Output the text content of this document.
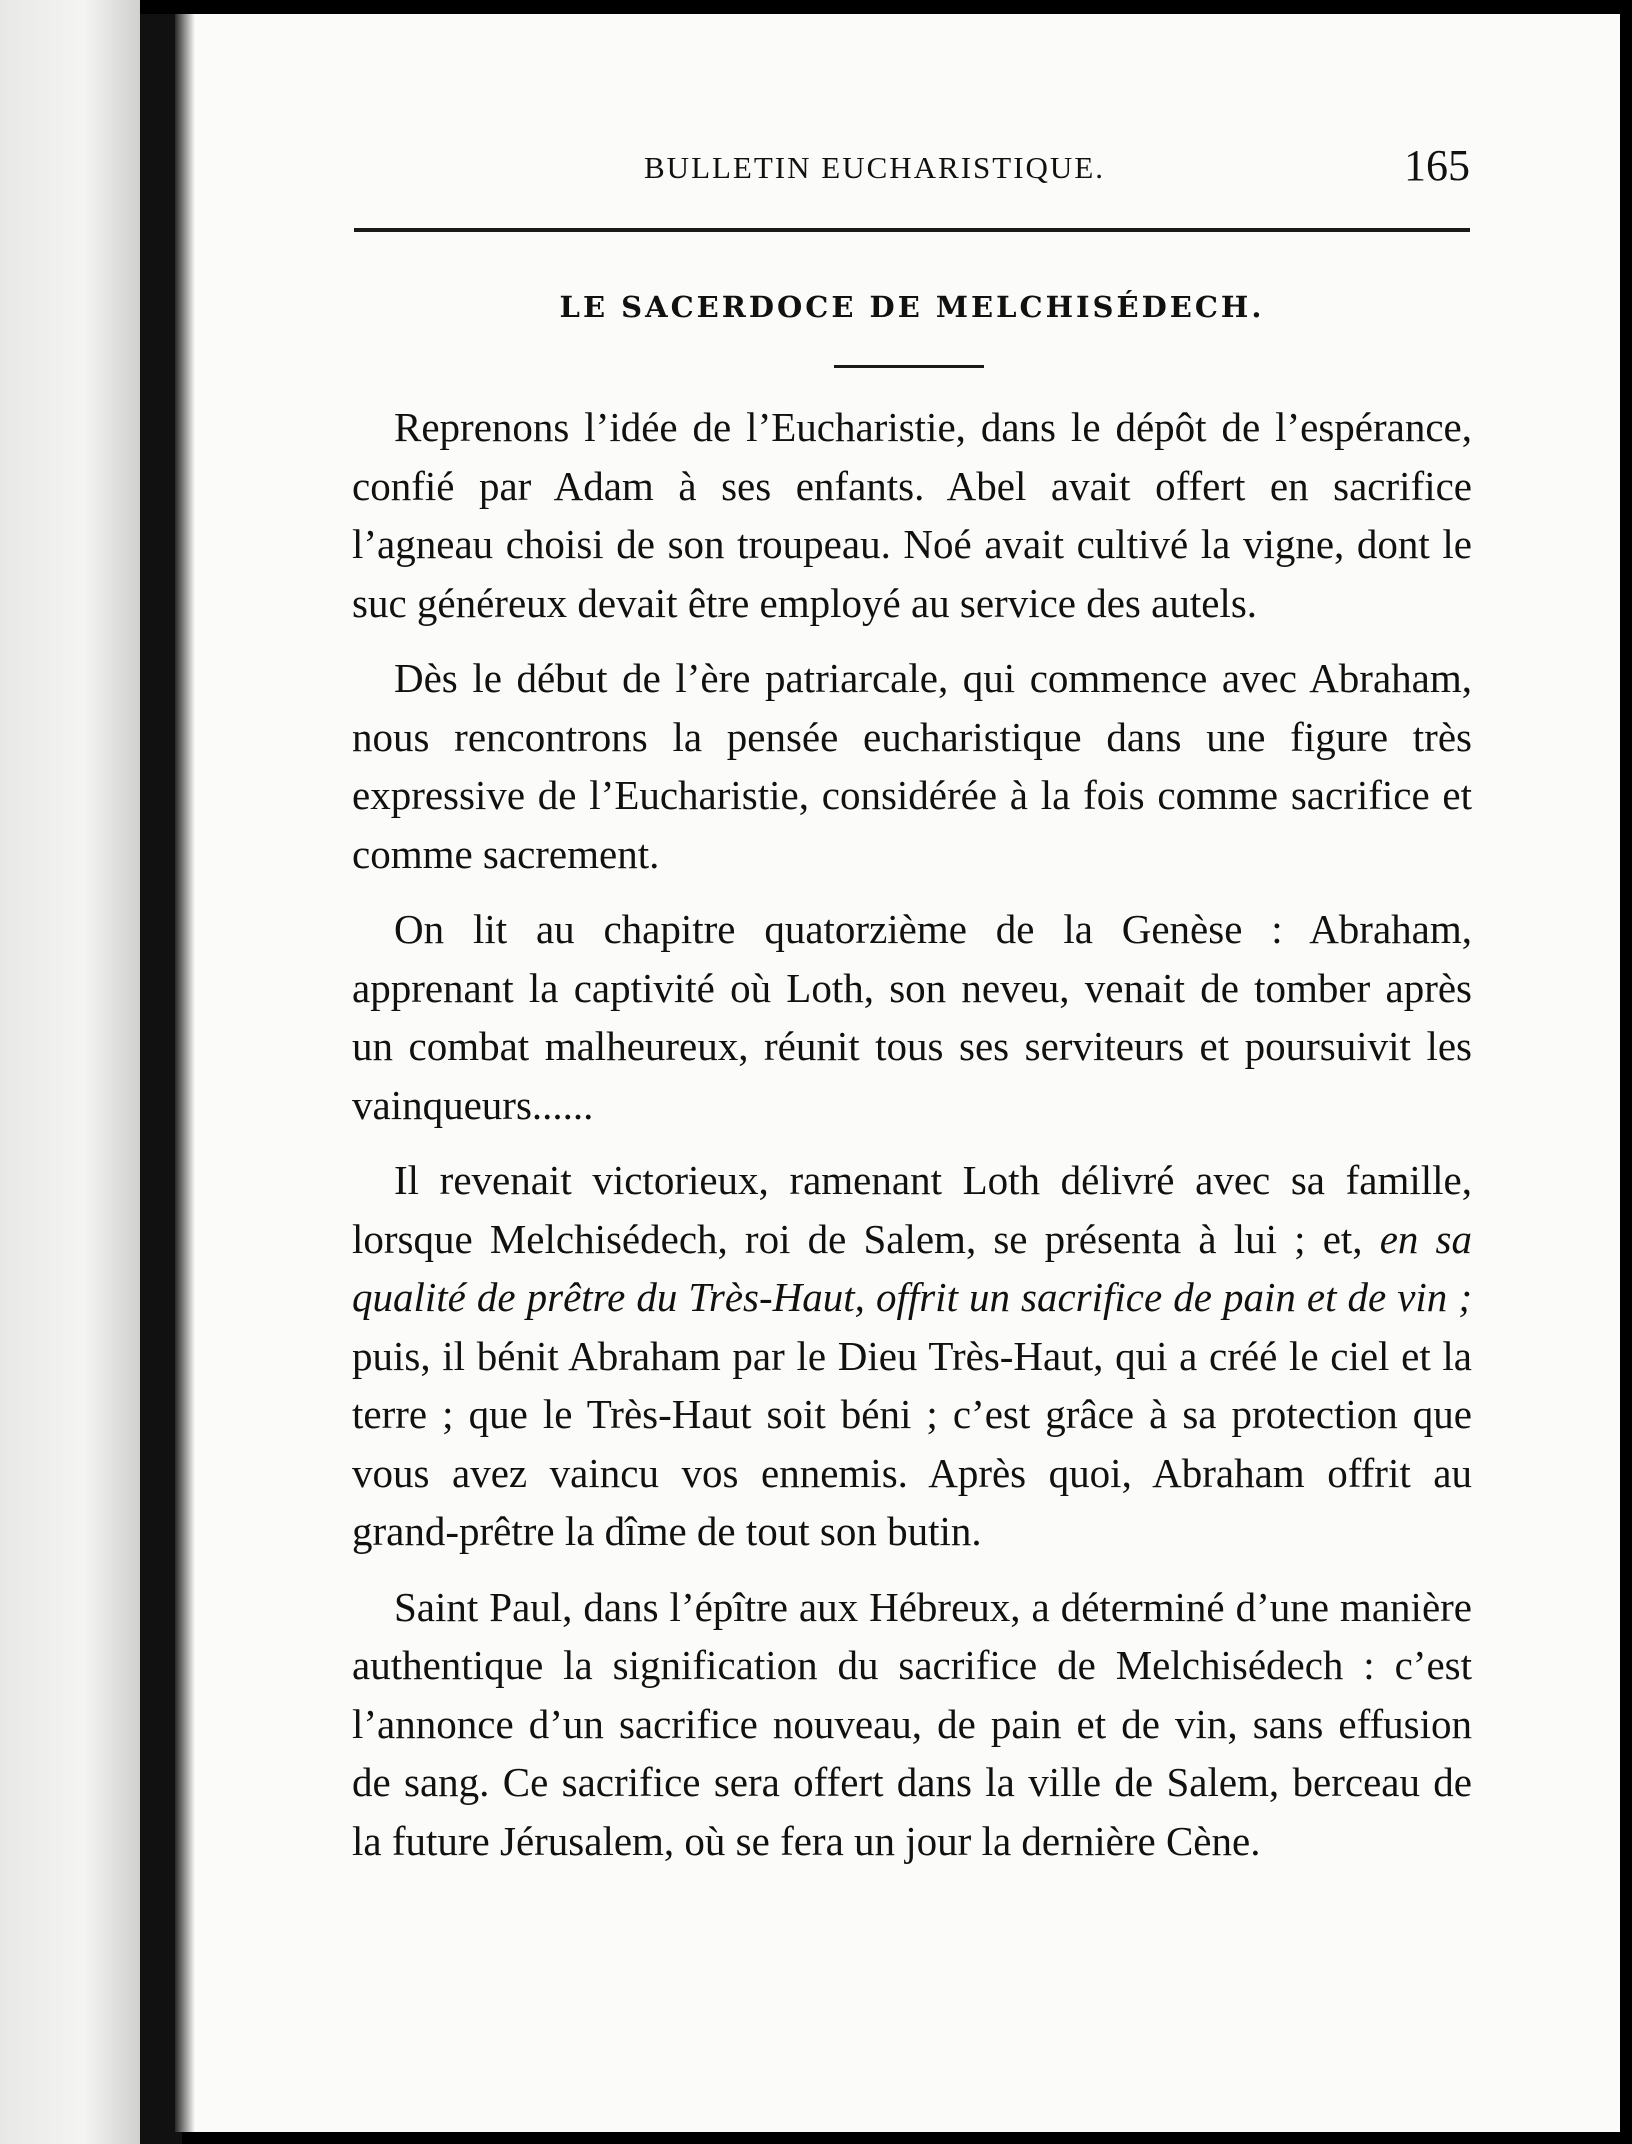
BULLETIN EUCHARISTIQUE.	165
LE SACERDOCE DE MELCHISÉDECH.

Reprenons l’idée de l’Eucharistie, dans le dépôt de l’espérance, confié par Adam à ses enfants. Abel avait offert en sacrifice l’agneau choisi de son troupeau. Noé avait cultivé la vigne, dont le suc généreux devait être employé au service des autels.

Dès le début de l’ère patriarcale, qui commence avec Abraham, nous rencontrons la pensée eucharistique dans une figure très expressive de l’Eucharistie, considérée à la fois comme sacrifice et comme sacrement.

On lit au chapitre quatorzième de la Genèse : Abraham, apprenant la captivité où Loth, son neveu, venait de tomber après un combat malheureux, réunit tous ses serviteurs et poursuivit les vainqueurs......

Il revenait victorieux, ramenant Loth délivré avec sa famille, lorsque Melchisédech, roi de Salem, se présenta à lui ; et, en sa qualité de prêtre du Très-Haut, offrit un sacrifice de pain et de vin ; puis, il bénit Abraham par le Dieu Très-Haut, qui a créé le ciel et la terre ; que le Très-Haut soit béni ; c’est grâce à sa protection que vous avez vaincu vos ennemis. Après quoi, Abraham offrit au grand-prêtre la dîme de tout son butin.

Saint Paul, dans l’épître aux Hébreux, a déterminé d’une manière authentique la signification du sacrifice de Melchisédech : c’est l’annonce d’un sacrifice nouveau, de pain et de vin, sans effusion de sang. Ce sacrifice sera offert dans la ville de Salem, berceau de la future Jérusalem, où se fera un jour la dernière Cène.
